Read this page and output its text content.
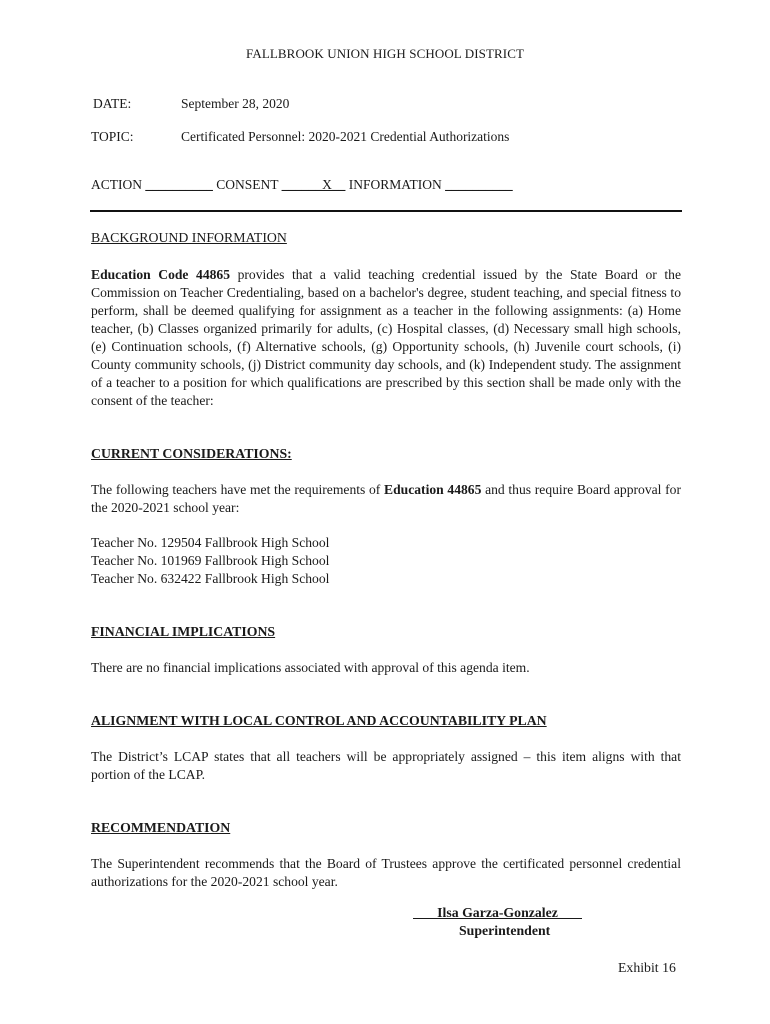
FALLBROOK UNION HIGH SCHOOL DISTRICT
DATE:	September 28, 2020
TOPIC:	Certificated Personnel: 2020-2021 Credential Authorizations
ACTION __________ CONSENT ______X__ INFORMATION __________
BACKGROUND INFORMATION
Education Code 44865 provides that a valid teaching credential issued by the State Board or the Commission on Teacher Credentialing, based on a bachelor's degree, student teaching, and special fitness to perform, shall be deemed qualifying for assignment as a teacher in the following assignments: (a) Home teacher, (b) Classes organized primarily for adults, (c) Hospital classes, (d) Necessary small high schools, (e) Continuation schools, (f) Alternative schools, (g) Opportunity schools, (h) Juvenile court schools, (i) County community schools, (j) District community day schools, and (k) Independent study. The assignment of a teacher to a position for which qualifications are prescribed by this section shall be made only with the consent of the teacher:
CURRENT CONSIDERATIONS:
The following teachers have met the requirements of Education 44865 and thus require Board approval for the 2020-2021 school year:
Teacher No. 129504 Fallbrook High School
Teacher No. 101969 Fallbrook High School
Teacher No. 632422 Fallbrook High School
FINANCIAL IMPLICATIONS
There are no financial implications associated with approval of this agenda item.
ALIGNMENT WITH LOCAL CONTROL AND ACCOUNTABILITY PLAN
The District’s LCAP states that all teachers will be appropriately assigned – this item aligns with that portion of the LCAP.
RECOMMENDATION
The Superintendent recommends that the Board of Trustees approve the certificated personnel credential authorizations for the 2020-2021 school year.
Ilsa Garza-Gonzalez
Superintendent
Exhibit 16
